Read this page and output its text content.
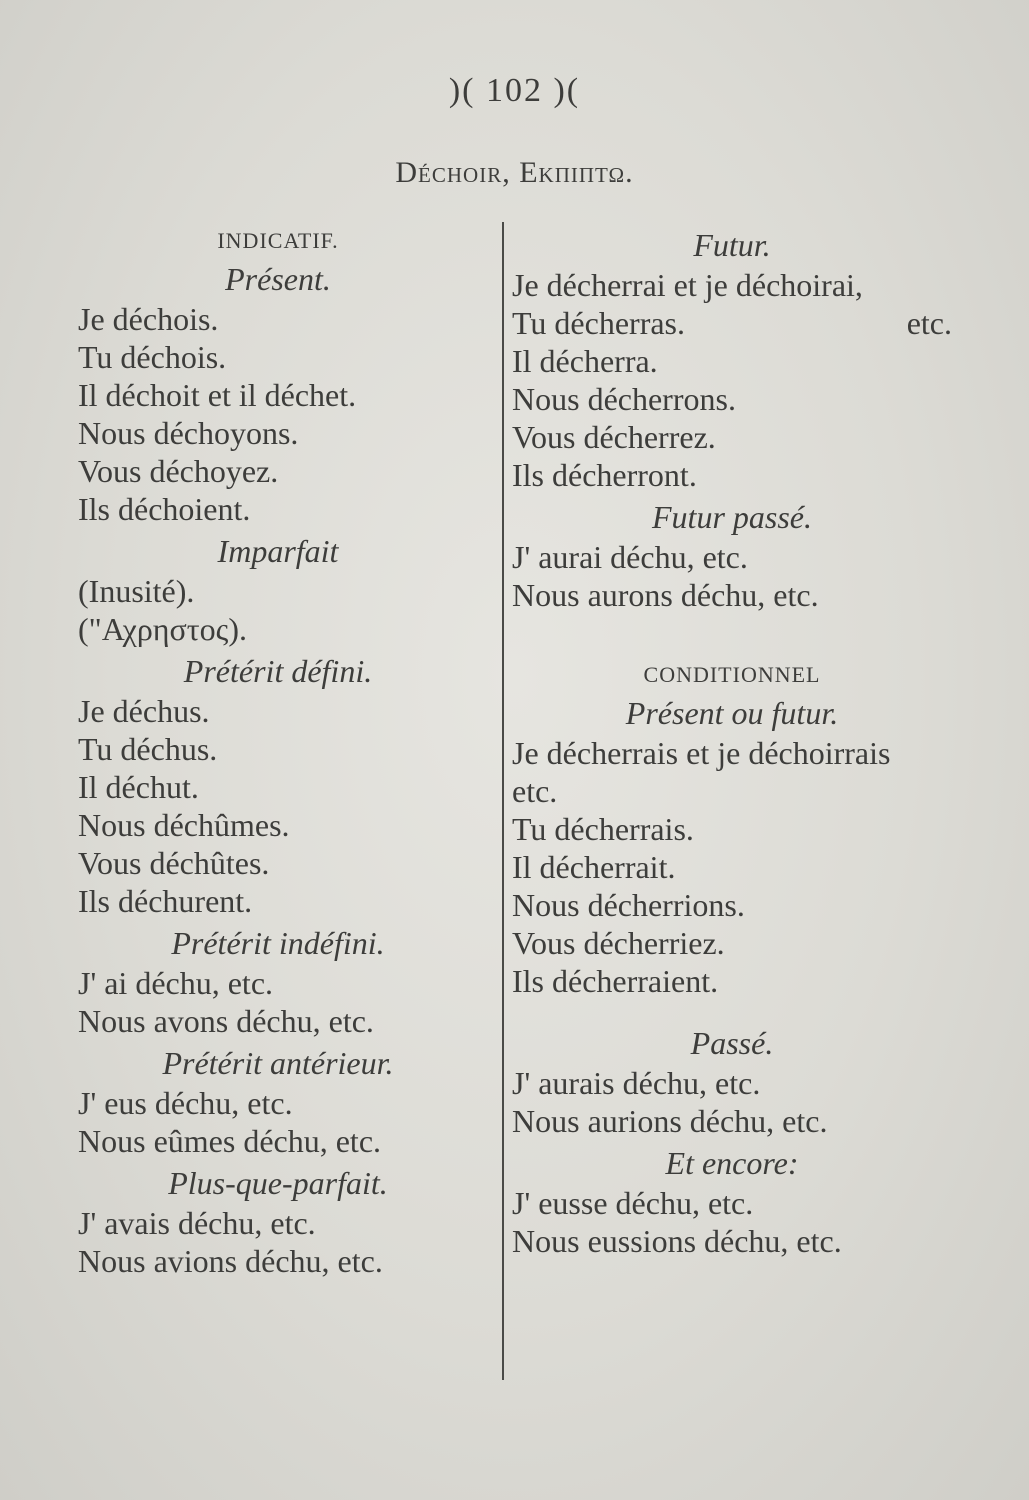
)( 102 )(
Déchoir, Εκπιπτω.
INDICATIF.
Présent.
Je déchois.
Tu déchois.
Il déchoit et il déchet.
Nous déchoyons.
Vous déchoyez.
Ils déchoient.
Imparfait
(Inusité).
("Αχρηστος).
Prétérit défini.
Je déchus.
Tu déchus.
Il déchut.
Nous déchûmes.
Vous déchûtes.
Ils déchurent.
Prétérit indéfini.
J' ai déchu, etc.
Nous avons déchu, etc.
Prétérit antérieur.
J' eus déchu, etc.
Nous eûmes déchu, etc.
Plus-que-parfait.
J' avais déchu, etc.
Nous avions déchu, etc.
Futur.
Je décherrai et je déchoirai,
Tu décherras.	etc.
Il décherra.
Nous décherrons.
Vous décherrez.
Ils décherront.
Futur passé.
J' aurai déchu, etc.
Nous aurons déchu, etc.
CONDITIONNEL
Présent ou futur.
Je décherrais et je déchoirrais
etc.
Tu décherrais.
Il décherrait.
Nous décherrions.
Vous décherriez.
Ils décherraient.
Passé.
J' aurais déchu, etc.
Nous aurions déchu, etc.
Et encore:
J' eusse déchu, etc.
Nous eussions déchu, etc.
